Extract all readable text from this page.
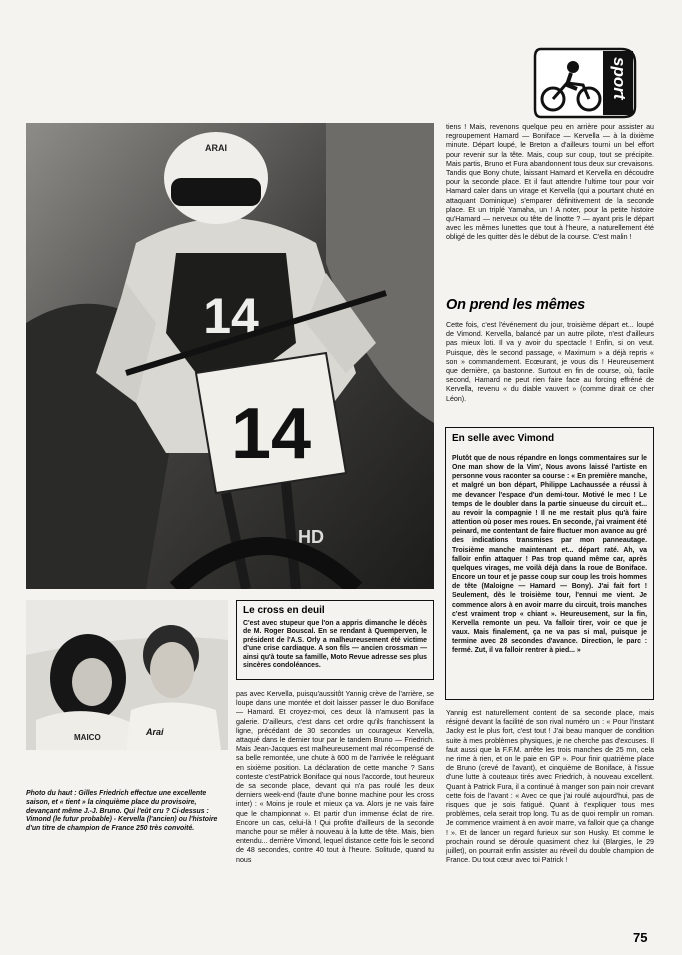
sport
14
ARAI
14
HD

tiens ! Mais, revenons quelque peu en arrière pour assister au regroupement Hamard — Boniface — Kervella — à la dixième minute. Départ loupé, le Breton a d'ailleurs tourni un bel effort pour revenir sur la tête. Mais, coup sur coup, tout se précipite. Mais partis, Bruno et Fura abandonnent tous deux sur crevaisons. Tandis que Bony chute, laissant Hamard et Kervella en découdre pour la seconde place. Et il faut attendre l'ultime tour pour voir Hamard caler dans un virage et Kervella (qui a pourtant chuté en attaquant Dominique) s'emparer définitivement de la seconde place. Et un triplé Yamaha, un ! A noter, pour la petite histoire qu'Hamard — nerveux ou tête de linotte ? — ayant pris le départ avec les mêmes lunettes que tout à l'heure, a naturellement été obligé de les quitter dès le début de la course. C'est malin !

On prend les mêmes

Cette fois, c'est l'événement du jour, troisième départ et... loupé de Vimond. Kervella, balancé par un autre pilote, n'est d'ailleurs pas mieux loti. Il va y avoir du spectacle ! Enfin, si on veut. Puisque, dès le second passage, « Maximum » a déjà repris « son » commandement. Ecœurant, je vous dis ! Heureusement que dernière, ça bastonne. Surtout en fin de course, où, facile second, Hamard ne peut rien faire face au forcing effréné de Kervella, revenu « du diable vauvert » (comme dirait ce cher Léon).

En selle avec Vimond
Plutôt que de nous répandre en longs commentaires sur le One man show de la Vim', Nous avons laissé l'artiste en personne vous raconter sa course : « En première manche, et malgré un bon départ, Philippe Lachaussée a réussi à me devancer l'espace d'un demi-tour. Motivé le mec ! Le temps de le doubler dans la partie sinueuse du circuit et... au revoir la compagnie ! Il ne me restait plus qu'à faire attention où poser mes roues. En seconde, j'ai vraiment été peinard, me contentant de faire fluctuer mon avance au gré des indications transmises par mon panneautage. Troisième manche maintenant et... départ raté. Ah, va falloir enfin attaquer ! Pas trop quand même car, après quelques virages, me voilà déjà dans la roue de Boniface. Encore un tour et je passe coup sur coup les trois hommes de tête (Maloigne — Hamard — Bony). J'ai fait fort ! Seulement, dès le troisième tour, l'ennui me vient. Je commence alors à en avoir marre du circuit, trois manches c'est vraiment trop « chiant ». Heureusement, sur la fin, Kervella remonte un peu. Va falloir tirer, voir ce que je vaux. Mais finalement, ça ne va pas si mal, puisque je termine avec 28 secondes d'avance. Direction, le parc : fermé. Zut, il va falloir rentrer à pied... »
Arai
MAICO
Le cross en deuil
C'est avec stupeur que l'on a appris dimanche le décès de M. Roger Bouscal. En se rendant à Quemperven, le président de l'A.S. Orly a malheureusement été victime d'une crise cardiaque. A son fils — ancien crossman — ainsi qu'à toute sa famille, Moto Revue adresse ses plus sincères condoléances.
Photo du haut : Gilles Friedrich effectue une excellente saison, et « tient » la cinquième place du provisoire, devançant même J.-J. Bruno. Qui l'eût cru ? Ci-dessus : Vimond (le futur probable) - Kervella (l'ancien) ou l'histoire d'un titre de champion de France 250 très convoité.

pas avec Kervella, puisqu'aussitôt Yannig crève de l'arrière, se loupe dans une montée et doit laisser passer le duo Boniface — Hamard. Et croyez-moi, ces deux là n'amusent pas la galerie. D'ailleurs, c'est dans cet ordre qu'ils franchissent la ligne, précédant de 30 secondes un courageux Kervella, attaqué dans le dernier tour par le tandem Bruno — Friedrich. Mais Jean-Jacques est malheureusement mal récompensé de sa belle remontée, une chute à 600 m de l'arrivée le reléguant en sixième position. La déclaration de cette manche ? Sans conteste c'estPatrick Boniface qui nous l'accorde, tout heureux de sa seconde place, devant qui n'a pas roulé les deux derniers week-end (faute d'une bonne machine pour les cross inter) : « Moins je roule et mieux ça va. Alors je ne vais faire que le championnat ». Et partir d'un immense éclat de rire. Encore un cas, celui-là ! Qui profite d'ailleurs de la seconde manche pour se mêler à nouveau à la lutte de tête. Mais, bien entendu... derrière Vimond, lequel distance cette fois le second de 48 secondes, contre 40 tout à l'heure. Solitude, quand tu nous

Yannig est naturellement content de sa seconde place, mais résigné devant la facilité de son rival numéro un : « Pour l'instant Jacky est le plus fort, c'est tout ! J'ai beau manquer de condition suite à mes problèmes physiques, je ne cherche pas d'excuses. Il faut aussi que la F.F.M. arrête les trois manches de 25 mn, cela ne rime à rien, et on le paie en GP ». Pour finir quatrième place de Bruno (crevé de l'avant), et cinquième de Boniface, à l'issue d'une lutte à couteaux tirés avec Friedrich, à nouveau excellent. Quant à Patrick Fura, il a continué à manger son pain noir crevant cette fois de l'avant : « Avec ce que j'ai roulé aujourd'hui, pas de risques que je sois fatigué. Quant à t'expliquer tous mes problèmes, cela serait trop long. Tu as de quoi remplir un roman. Je commence vraiment à en avoir marre, va falloir que ça change ! ». Et de lancer un regard furieux sur son Husky. Et comme le prochain round se déroule quasiment chez lui (Blargies, le 29 juillet), on pourrait enfin assister au réveil du double champion de France. Du tout cœur avec toi Patrick !

75
